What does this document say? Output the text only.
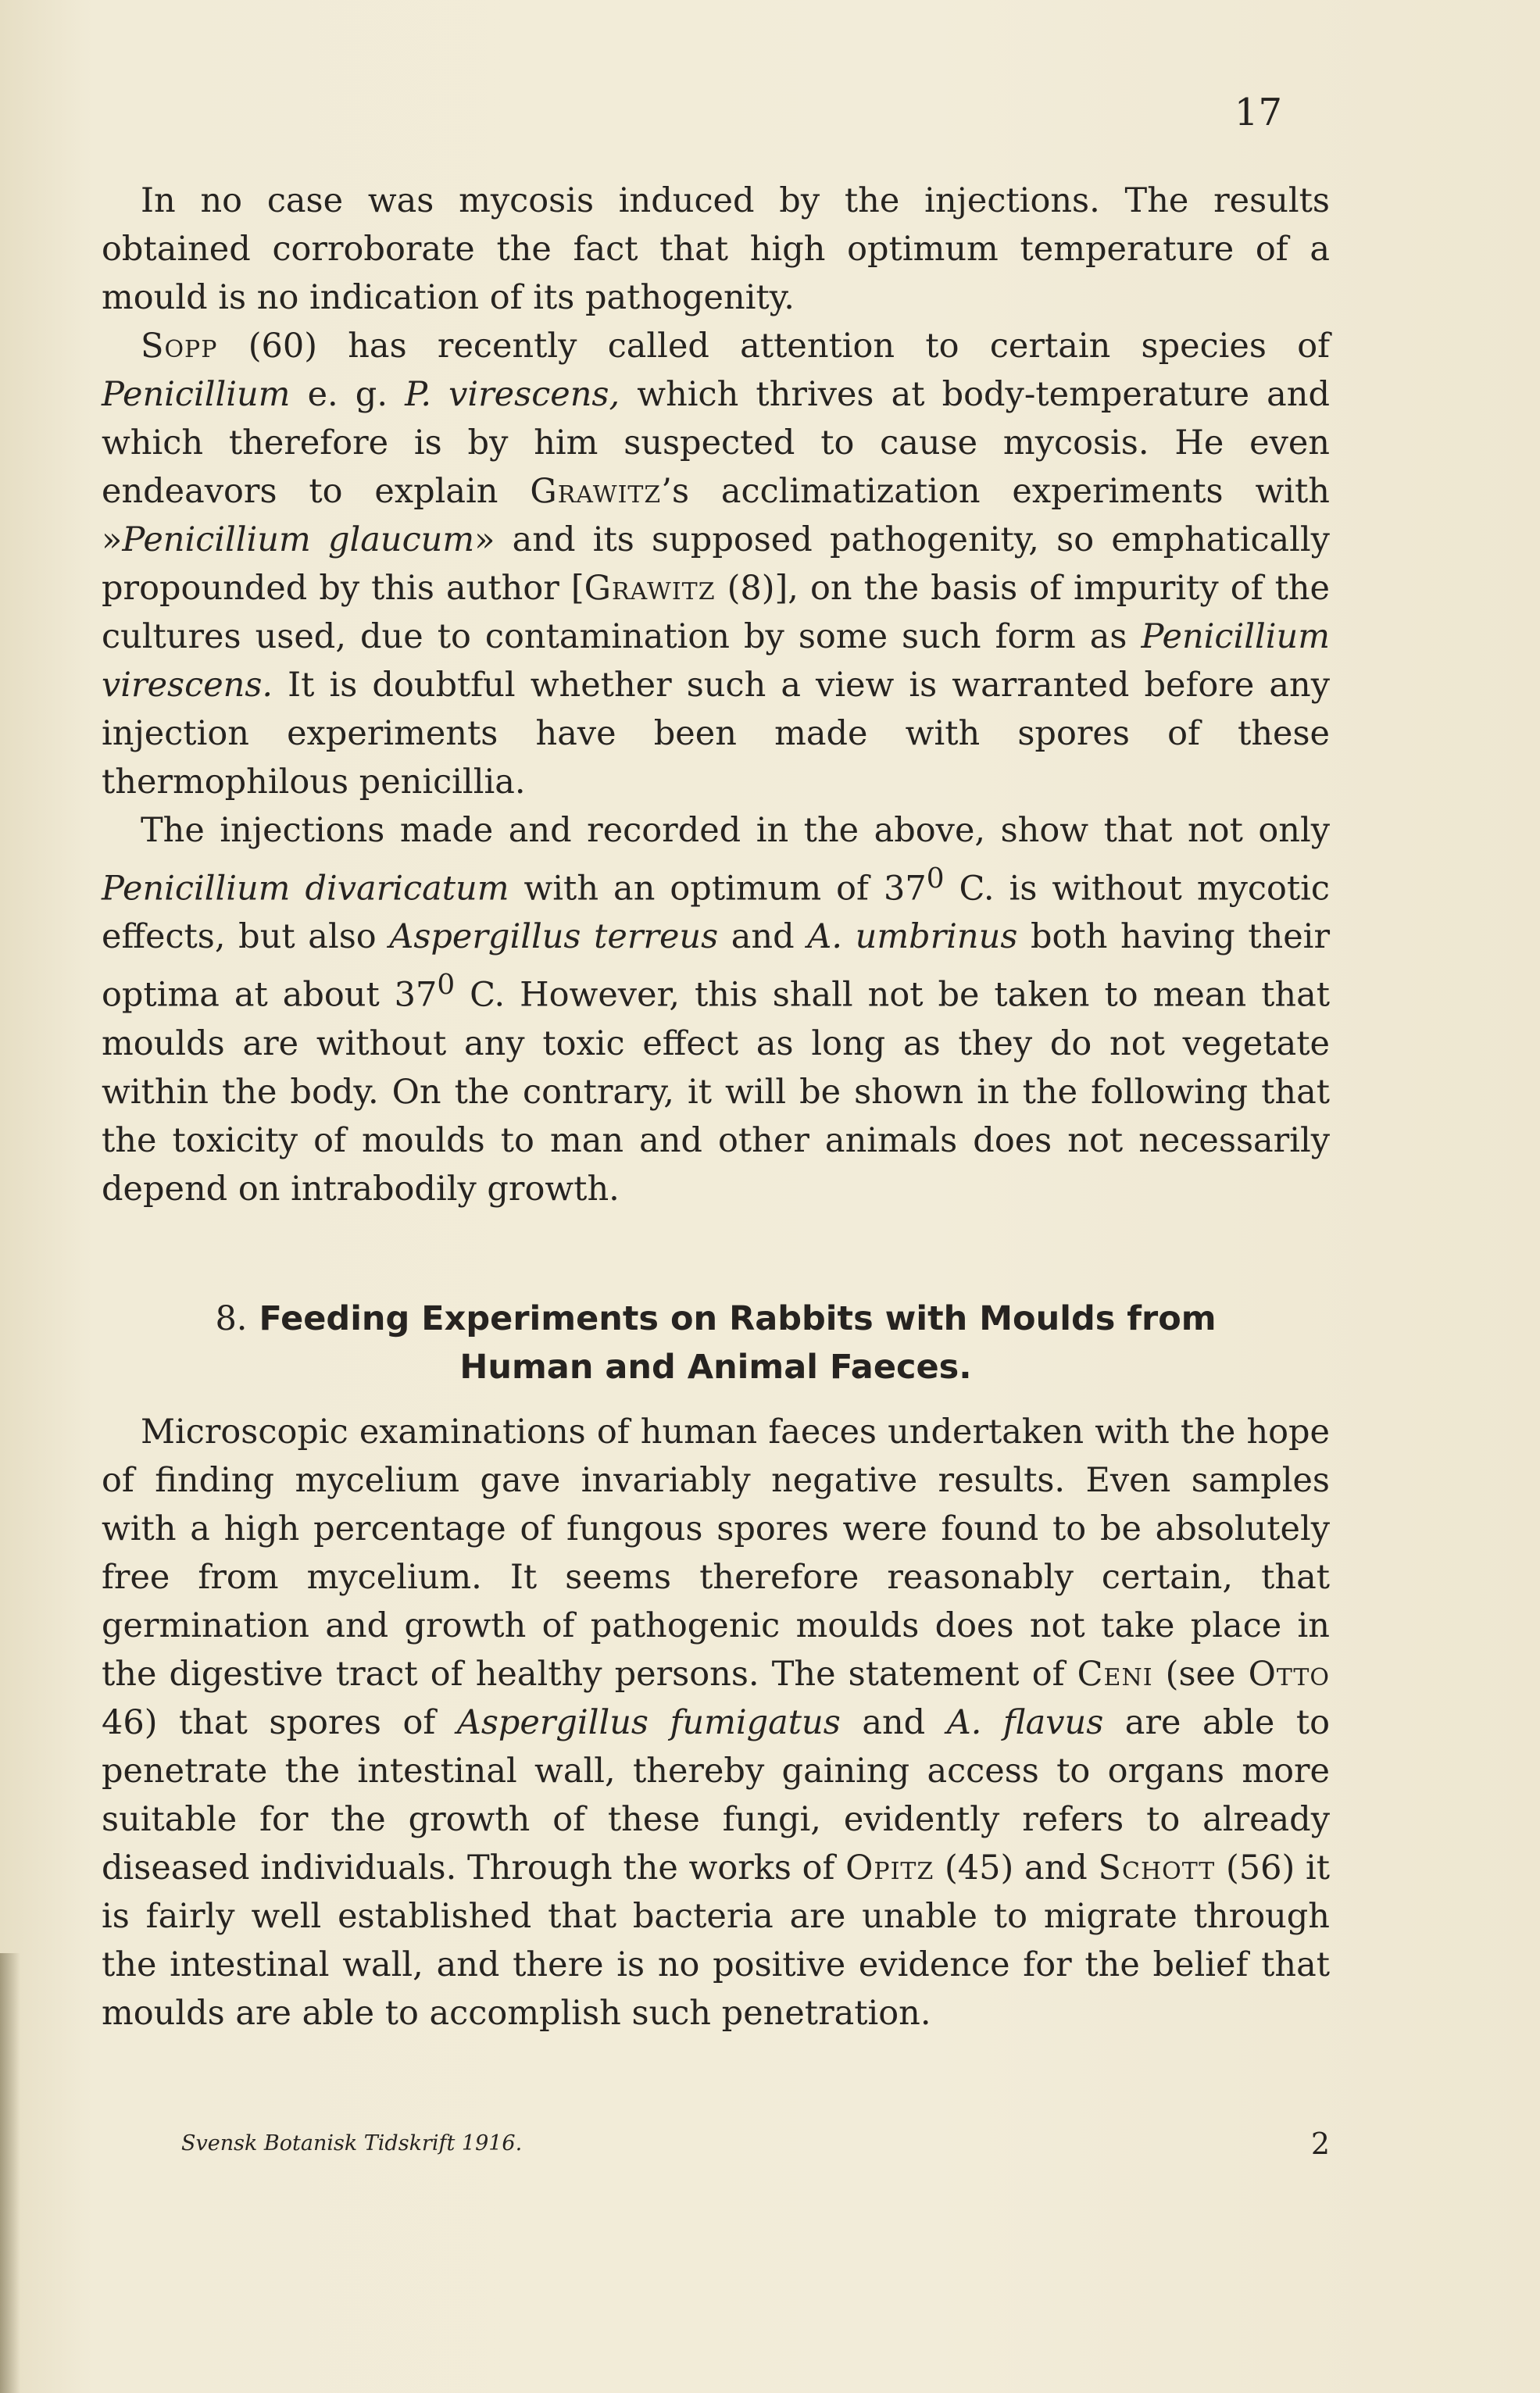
17

In no case was mycosis induced by the injections. The results obtained corroborate the fact that high optimum temperature of a mould is no indication of its pathogenity.

Sopp (60) has recently called attention to certain species of Penicillium e. g. P. virescens, which thrives at body-temperature and which therefore is by him suspected to cause mycosis. He even endeavors to explain Grawitz’s acclimatization experiments with »Penicillium glaucum» and its supposed pathogenity, so emphatically propounded by this author [Grawitz (8)], on the basis of impurity of the cultures used, due to contamination by some such form as Penicillium virescens. It is doubtful whether such a view is warranted before any injection experiments have been made with spores of these thermophilous penicillia.

The injections made and recorded in the above, show that not only Penicillium divaricatum with an optimum of $37^0$ C. is without mycotic effects, but also Aspergillus terreus and A. umbrinus both having their optima at about $37^0$ C. However, this shall not be taken to mean that moulds are without any toxic effect as long as they do not vegetate within the body. On the contrary, it will be shown in the following that the toxicity of moulds to man and other animals does not necessarily depend on intrabodily growth.

8. Feeding Experiments on Rabbits with Moulds from
Human and Animal Faeces.

Microscopic examinations of human faeces undertaken with the hope of finding mycelium gave invariably negative results. Even samples with a high percentage of fungous spores were found to be absolutely free from mycelium. It seems therefore reasonably certain, that germination and growth of pathogenic moulds does not take place in the digestive tract of healthy persons. The statement of Ceni (see Otto 46) that spores of Aspergillus fumigatus and A. flavus are able to penetrate the intestinal wall, thereby gaining access to organs more suitable for the growth of these fungi, evidently refers to already diseased individuals. Through the works of Opitz (45) and Schott (56) it is fairly well established that bacteria are unable to migrate through the intestinal wall, and there is no positive evidence for the belief that moulds are able to accomplish such penetration.

Svensk Botanisk Tidskrift 1916.	2
